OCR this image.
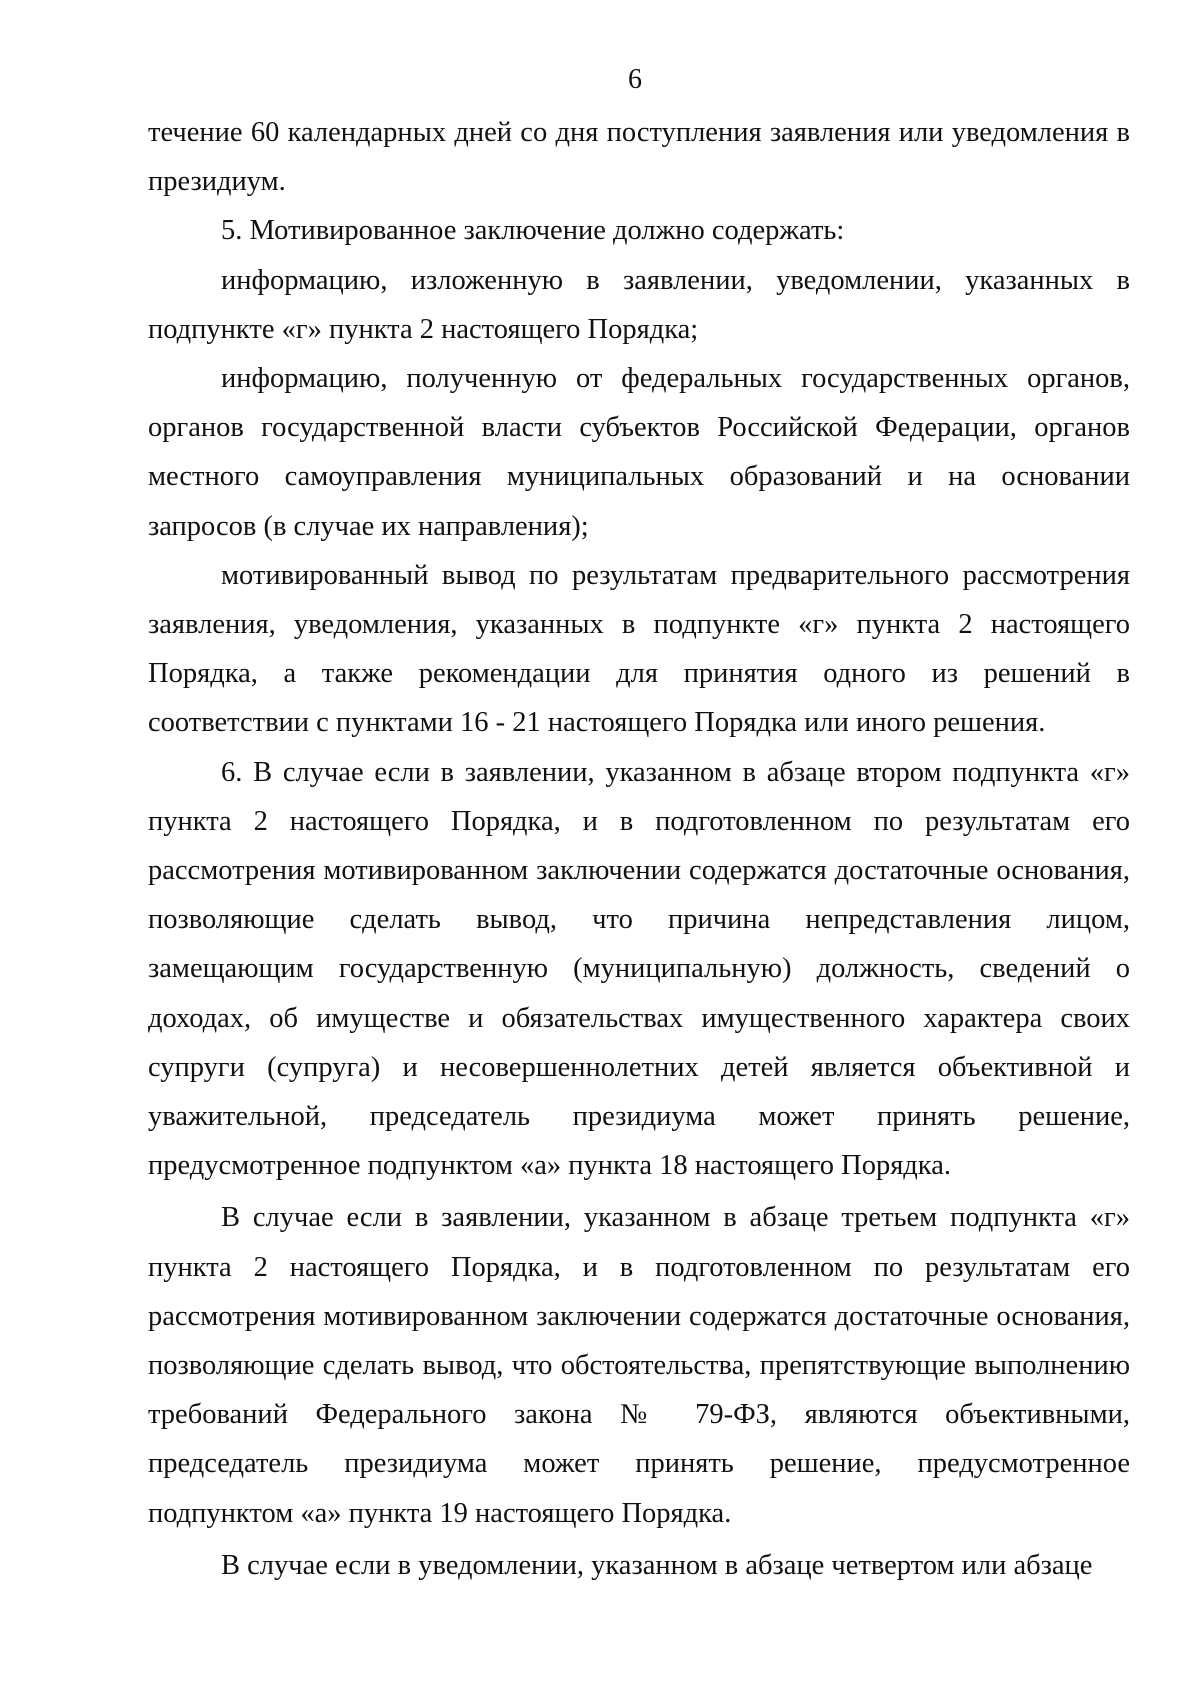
6

течение 60 календарных дней со дня поступления заявления или уведомления в президиум.

5. Мотивированное заключение должно содержать:

информацию, изложенную в заявлении, уведомлении, указанных в подпункте «г» пункта 2 настоящего Порядка;

информацию, полученную от федеральных государственных органов, органов государственной власти субъектов Российской Федерации, органов местного самоуправления муниципальных образований и на основании запросов (в случае их направления);

мотивированный вывод по результатам предварительного рассмотрения заявления, уведомления, указанных в подпункте «г» пункта 2 настоящего Порядка, а также рекомендации для принятия одного из решений в соответствии с пунктами 16 - 21 настоящего Порядка или иного решения.

6. В случае если в заявлении, указанном в абзаце втором подпункта «г» пункта 2 настоящего Порядка, и в подготовленном по результатам его рассмотрения мотивированном заключении содержатся достаточные основания, позволяющие сделать вывод, что причина непредставления лицом, замещающим государственную (муниципальную) должность, сведений о доходах, об имуществе и обязательствах имущественного характера своих супруги (супруга) и несовершеннолетних детей является объективной и уважительной, председатель президиума может принять решение, предусмотренное подпунктом «а» пункта 18 настоящего Порядка.

В случае если в заявлении, указанном в абзаце третьем подпункта «г» пункта 2 настоящего Порядка, и в подготовленном по результатам его рассмотрения мотивированном заключении содержатся достаточные основания, позволяющие сделать вывод, что обстоятельства, препятствующие выполнению требований Федерального закона № 79-ФЗ, являются объективными, председатель президиума может принять решение, предусмотренное подпунктом «а» пункта 19 настоящего Порядка.

В случае если в уведомлении, указанном в абзаце четвертом или абзаце
